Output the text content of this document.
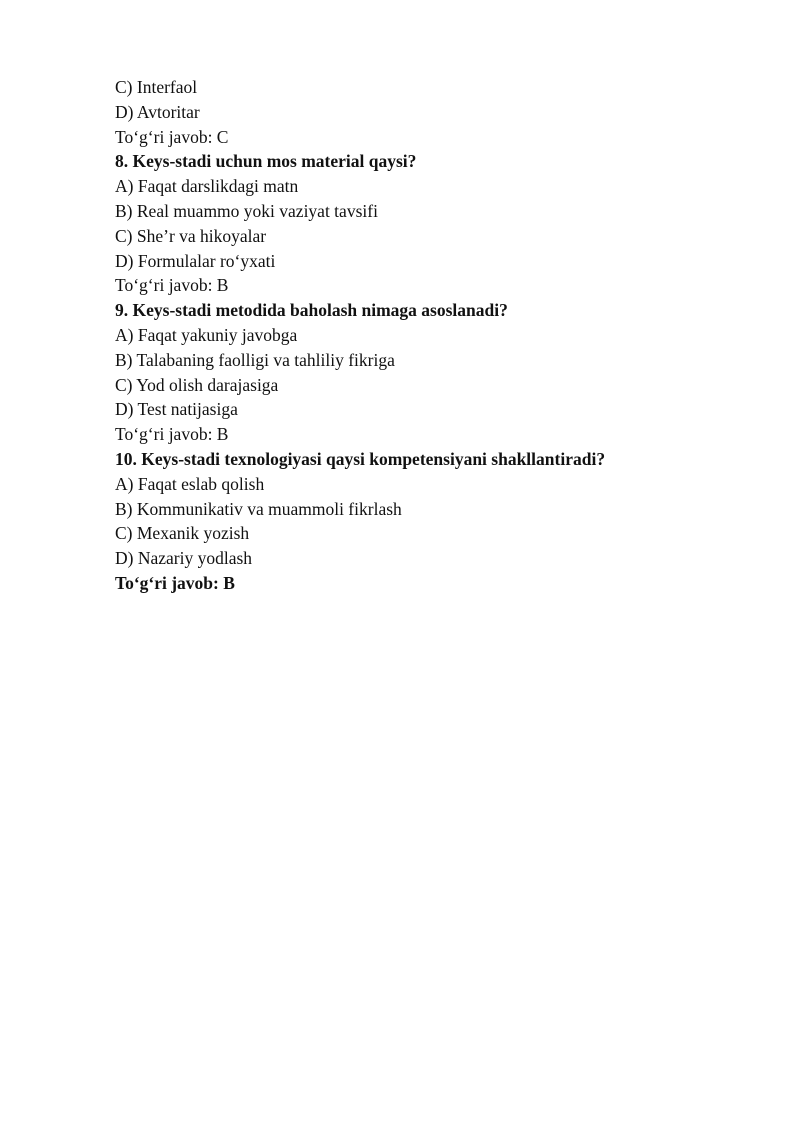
C) Interfaol
D) Avtoritar
To‘g‘ri javob: C
8. Keys-stadi uchun mos material qaysi?
A) Faqat darslikdagi matn
B) Real muammo yoki vaziyat tavsifi
C) She’r va hikoyalar
D) Formulalar ro‘yxati
To‘g‘ri javob: B
9. Keys-stadi metodida baholash nimaga asoslanadi?
A) Faqat yakuniy javobga
B) Talabaning faolligi va tahliliy fikriga
C) Yod olish darajasiga
D) Test natijasiga
To‘g‘ri javob: B
10. Keys-stadi texnologiyasi qaysi kompetensiyani shakllantiradi?
A) Faqat eslab qolish
B) Kommunikativ va muammoli fikrlash
C) Mexanik yozish
D) Nazariy yodlash
To‘g‘ri javob: B
